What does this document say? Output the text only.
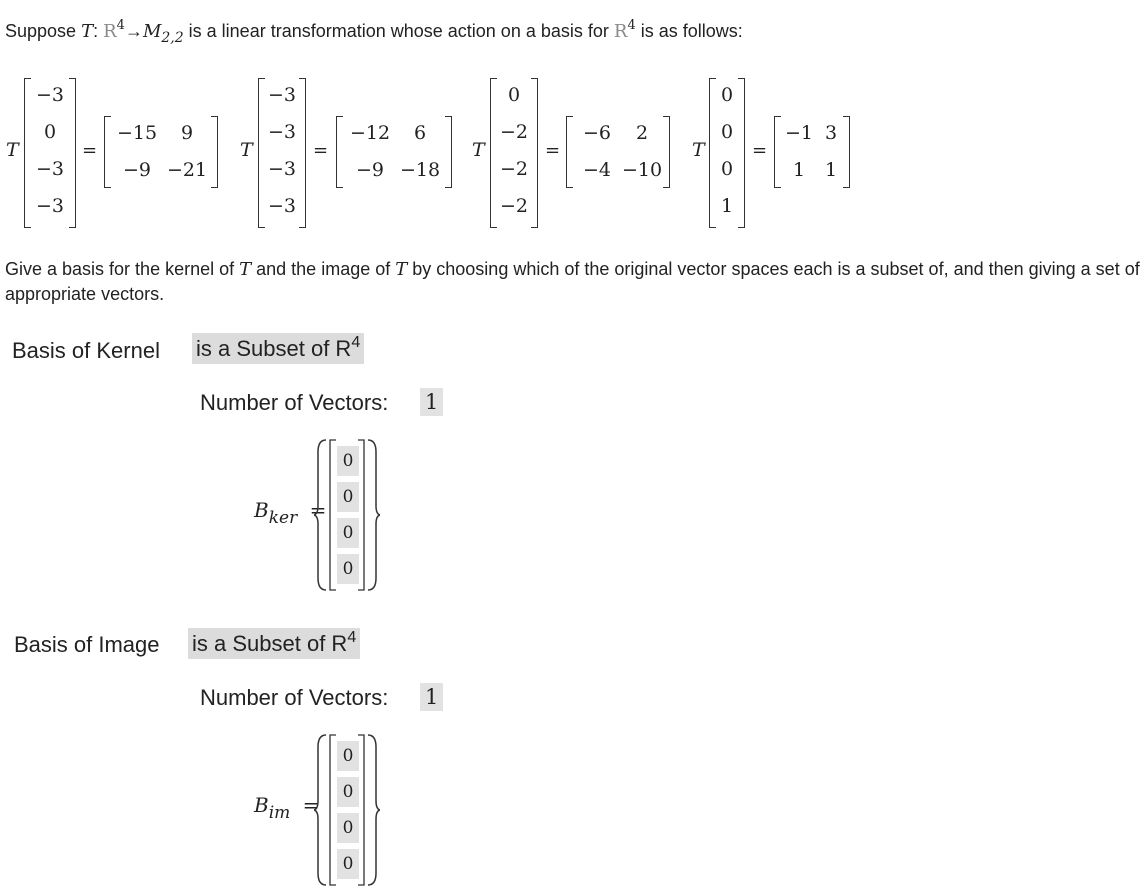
Suppose T: $R^4\to M_{2,2}$ is a linear transformation whose action on a basis for $R^4$ is as follows:
T
−3
0
−3
−3
=
−15	9
−9 −21
T
−3
−3
−3
−3
=
−12	6
−9 −18
T
0
−2
−2
−2
=
−6	2
−4 −10
T
0
0
0
1
=
−1 3
1	1
Give a basis for the kernel of T and the image of T by choosing which of the original vector spaces each is a subset of, and then giving a set of appropriate vectors.
Basis of Kernel is a Subset of $R^4$
Number of Vectors: 1
$B_{ker}$ =
0
0
0
0
Basis of Image is a Subset of $R^4$
Number of Vectors: 1
$B_{im}$ =
0
0
0
0
